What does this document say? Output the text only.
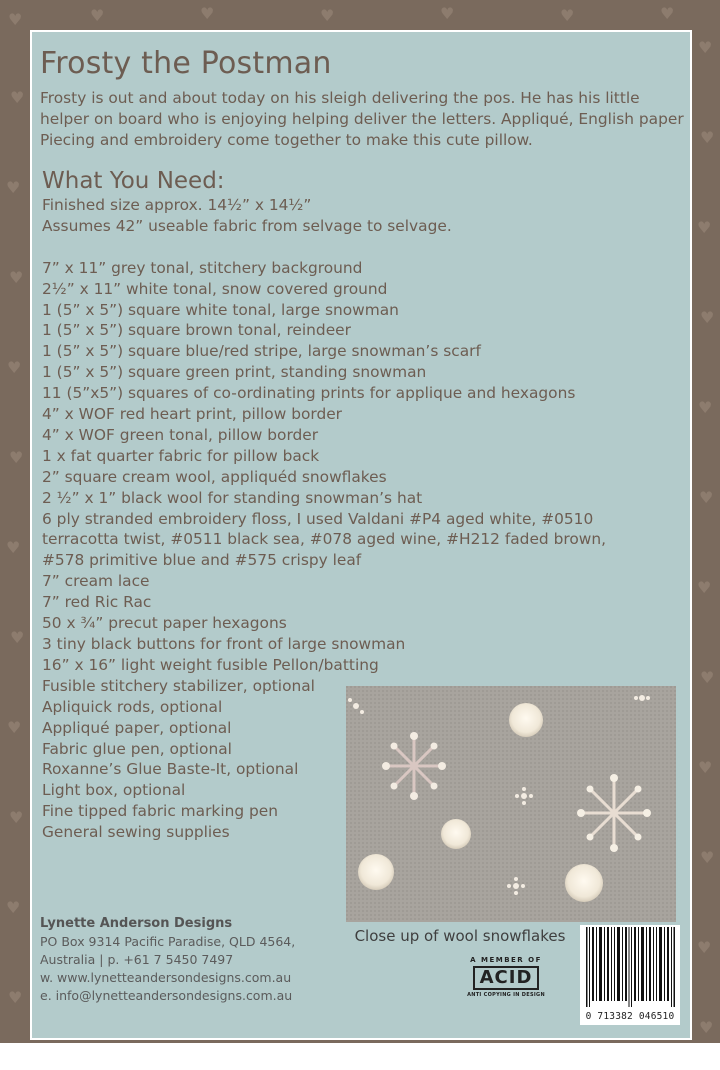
♥
♥
♥
♥
♥
♥
♥
♥
♥
♥
♥
♥
♥
♥
♥
♥
♥
♥
♥
♥
♥
♥
♥
♥
♥	♥	♥	♥	♥	♥
Frosty the Postman

Frosty is out and about today on his sleigh delivering the pos. He has his little helper on board who is enjoying helping deliver the letters. Appliqué, English paper Piecing and embroidery come together to make this cute pillow.

What You Need:
Finished size approx. 14½” x 14½”
Assumes 42” useable fabric from selvage to selvage.
7” x 11” grey tonal, stitchery background
2½” x 11” white tonal, snow covered ground
1 (5” x 5”) square white tonal, large snowman
1 (5” x 5”) square brown tonal, reindeer
1 (5” x 5”) square blue/red stripe, large snowman’s scarf
1 (5” x 5”) square green print, standing snowman
11 (5”x5”) squares of co-ordinating prints for applique and hexagons
4” x WOF red heart print, pillow border
4” x WOF green tonal, pillow border
1 x fat quarter fabric for pillow back
2” square cream wool, appliquéd snowflakes
2 ½” x 1” black wool for standing snowman’s hat
6 ply stranded embroidery floss, I used Valdani #P4 aged white, #0510
terracotta twist, #0511 black sea, #078 aged wine, #H212 faded brown,
#578 primitive blue and #575 crispy leaf
7” cream lace
7” red Ric Rac
50 x ¾” precut paper hexagons
3 tiny black buttons for front of large snowman
16” x 16” light weight fusible Pellon/batting
Fusible stitchery stabilizer, optional
Apliquick rods, optional
Appliqué paper, optional
Fabric glue pen, optional
Roxanne’s Glue Baste-It, optional
Light box, optional
Fine tipped fabric marking pen
General sewing supplies
Close up of wool snowflakes
Lynette Anderson Designs
PO Box 9314 Pacific Paradise, QLD 4564,
Australia | p. +61 7 5450 7497
w. www.lynetteandersondesigns.com.au
e. info@lynetteandersondesigns.com.au
A MEMBER OF
ACID
ANTI COPYING IN DESIGN
0 713382 046510
